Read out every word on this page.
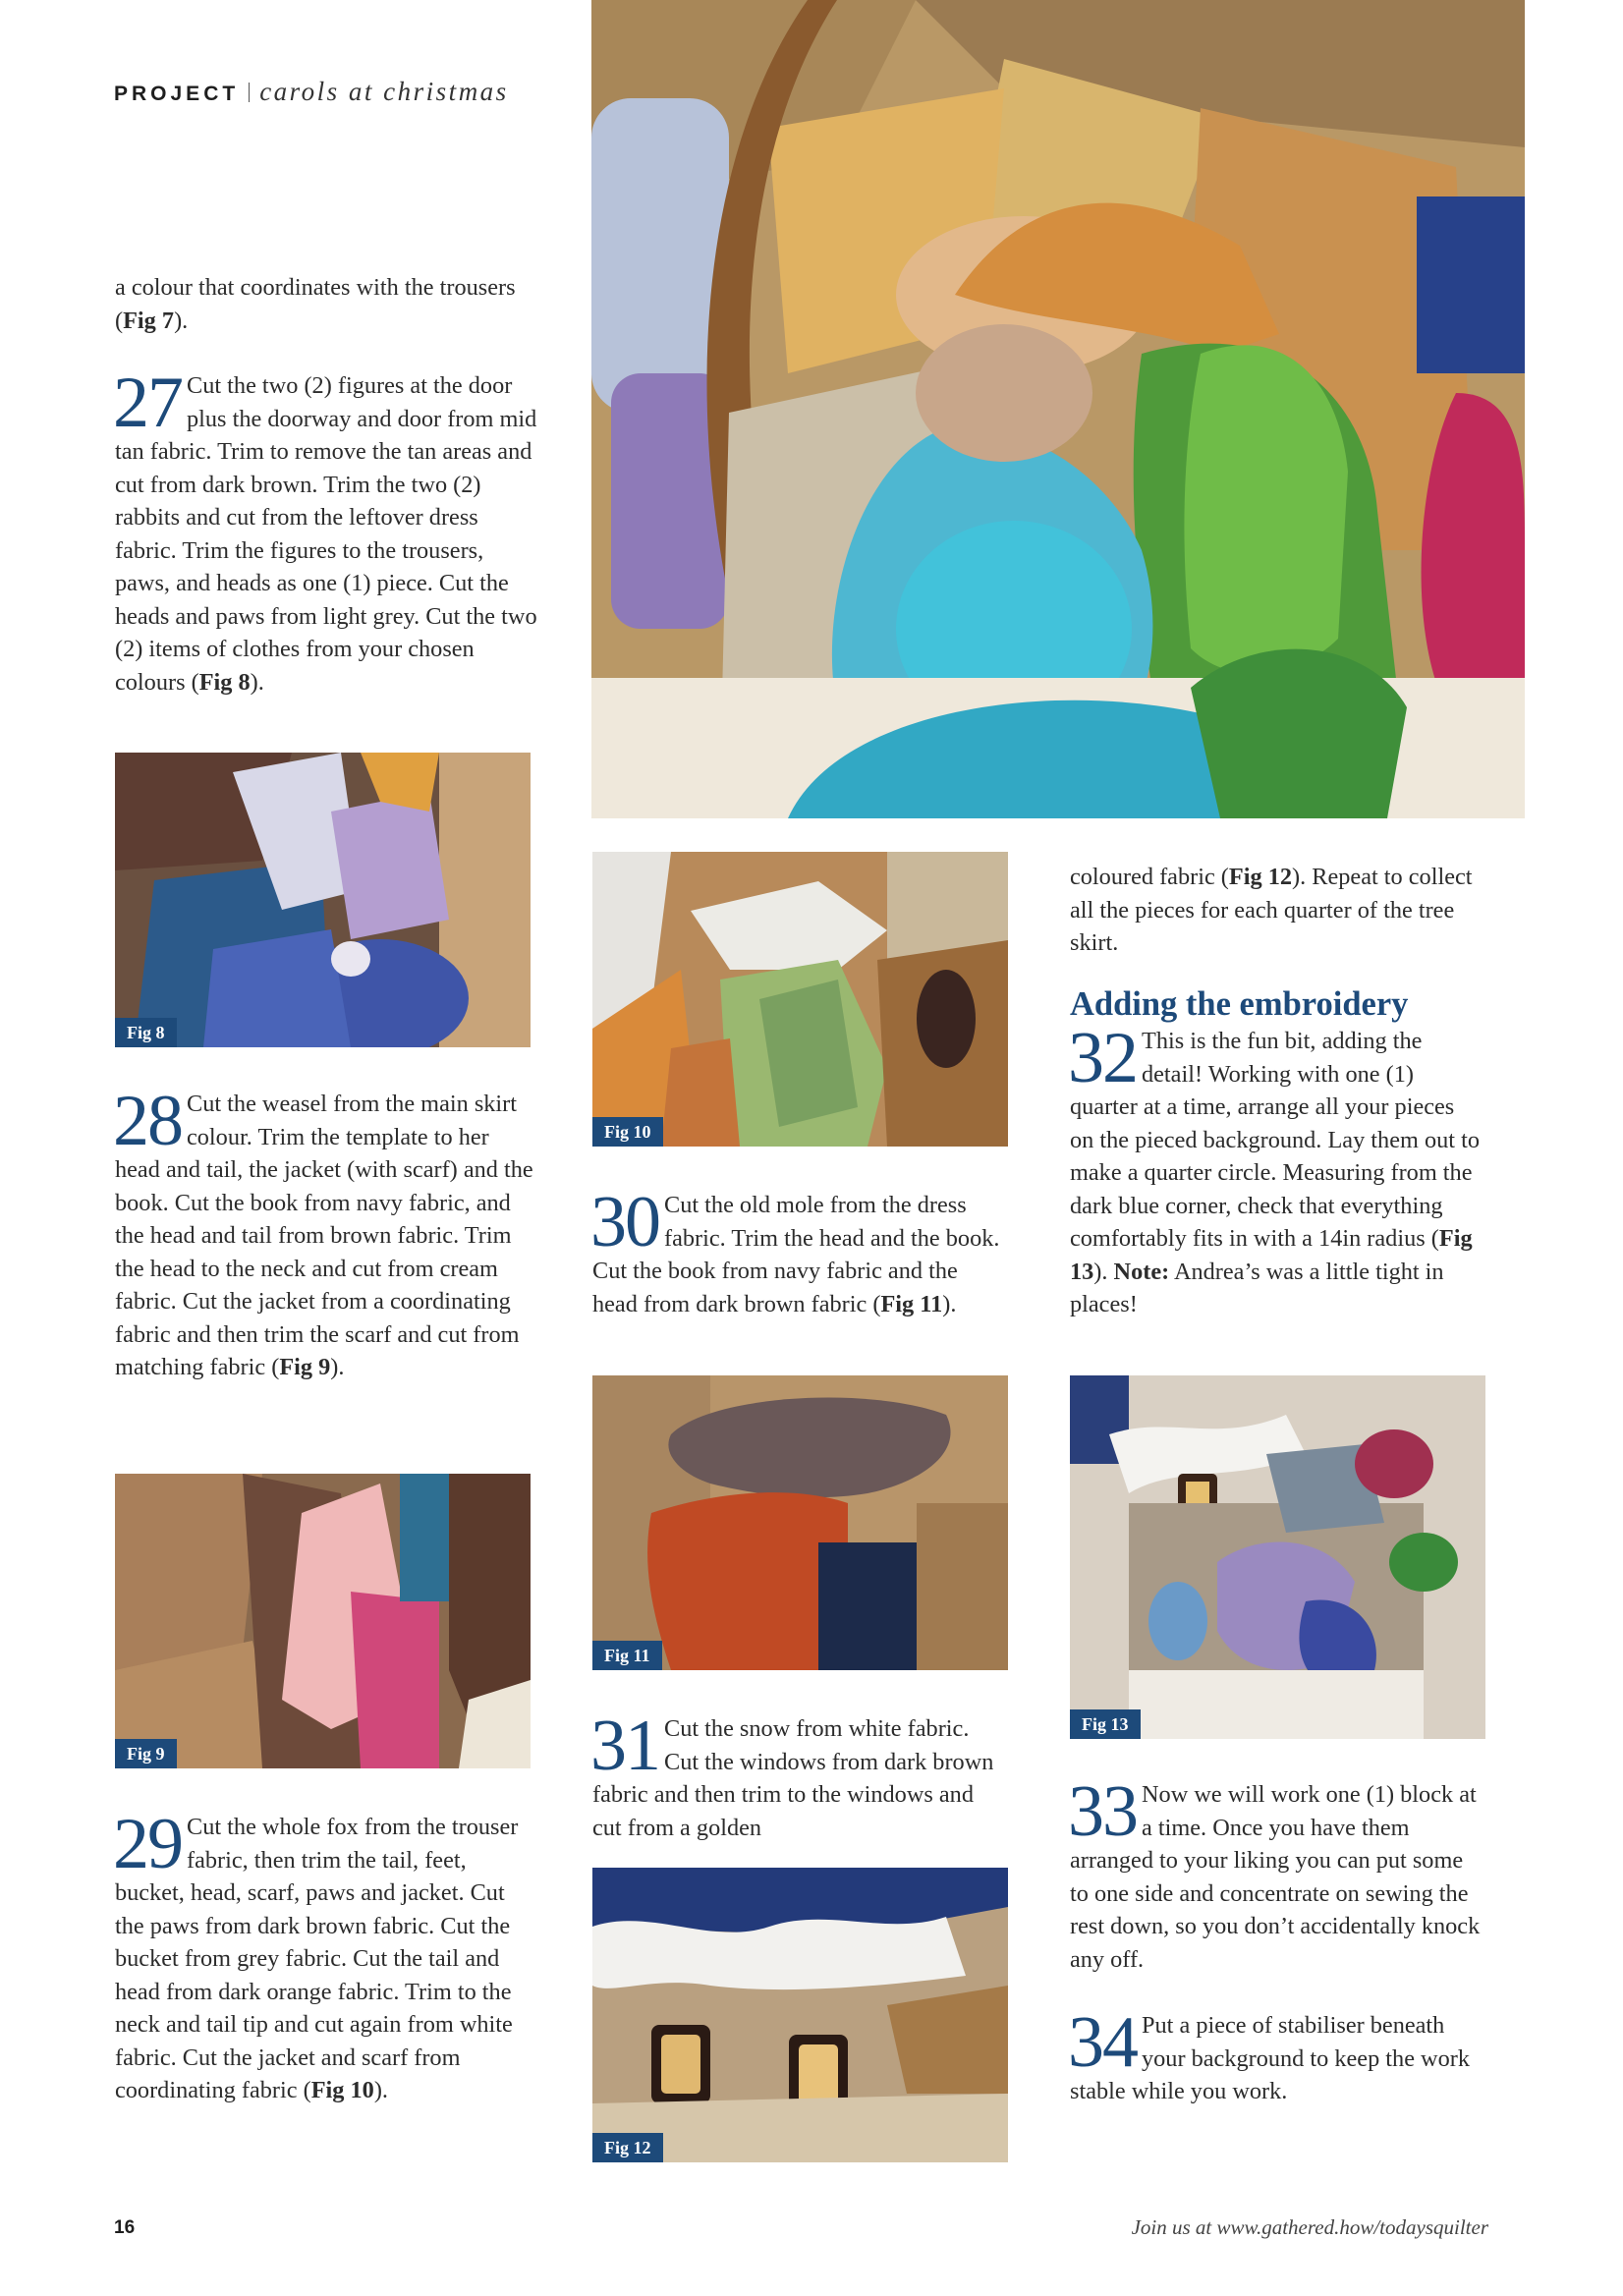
PROJECT carols at christmas

a colour that coordinates with the trousers (Fig 7).

27 Cut the two (2) figures at the door plus the doorway and door from mid tan fabric. Trim to remove the tan areas and cut from dark brown. Trim the two (2) rabbits and cut from the leftover dress fabric. Trim the figures to the trousers, paws, and heads as one (1) piece. Cut the heads and paws from light grey. Cut the two (2) items of clothes from your chosen colours (Fig 8).

Fig 8

28 Cut the weasel from the main skirt colour. Trim the template to her head and tail, the jacket (with scarf) and the book. Cut the book from navy fabric, and the head and tail from brown fabric. Trim the head to the neck and cut from cream fabric. Cut the jacket from a coordinating fabric and then trim the scarf and cut from matching fabric (Fig 9).

Fig 9

29 Cut the whole fox from the trouser fabric, then trim the tail, feet, bucket, head, scarf, paws and jacket. Cut the paws from dark brown fabric. Cut the bucket from grey fabric. Cut the tail and head from dark orange fabric. Trim to the neck and tail tip and cut again from white fabric. Cut the jacket and scarf from coordinating fabric (Fig 10).

Fig 10

30 Cut the old mole from the dress fabric. Trim the head and the book. Cut the book from navy fabric and the head from dark brown fabric (Fig 11).

Fig 11

31 Cut the snow from white fabric. Cut the windows from dark brown fabric and then trim to the windows and cut from a golden

Fig 12

coloured fabric (Fig 12). Repeat to collect all the pieces for each quarter of the tree skirt.

Adding the embroidery

32 This is the fun bit, adding the detail! Working with one (1) quarter at a time, arrange all your pieces on the pieced background. Lay them out to make a quarter circle. Measuring from the dark blue corner, check that everything comfortably fits in with a 14in radius (Fig 13). Note: Andrea’s was a little tight in places!

Fig 13

33 Now we will work one (1) block at a time. Once you have them arranged to your liking you can put some to one side and concentrate on sewing the rest down, so you don’t accidentally knock any off.

34 Put a piece of stabiliser beneath your background to keep the work stable while you work.

16	Join us at www.gathered.how/todaysquilter
